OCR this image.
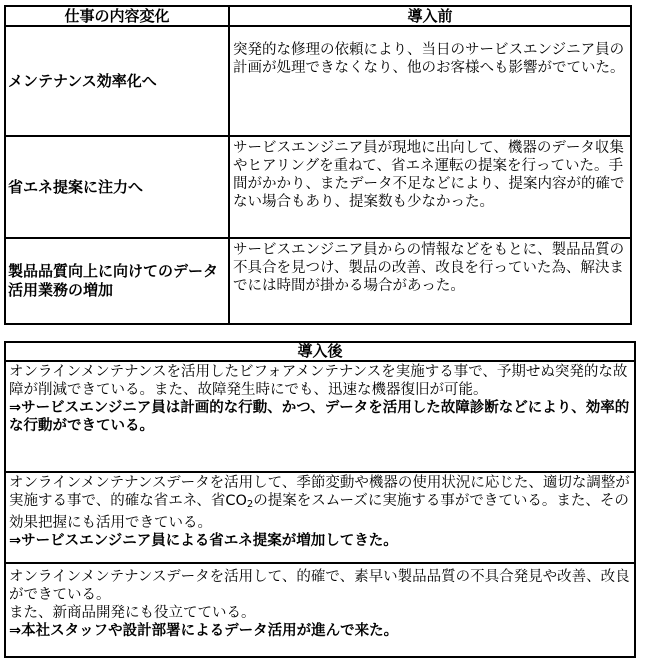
仕事の内容変化	導入前
メンテナンス効率化へ	突発的な修理の依頼により、当日のサービスエンジニア員の計画が処理できなくなり、他のお客様へも影響がでていた。
省エネ提案に注力へ	サービスエンジニア員が現地に出向して、機器のデータ収集やヒアリングを重ねて、省エネ運転の提案を行っていた。手間がかかり、またデータ不足などにより、提案内容が的確でない場合もあり、提案数も少なかった。
製品品質向上に向けてのデータ活用業務の増加	サービスエンジニア員からの情報などをもとに、製品品質の不具合を見つけ、製品の改善、改良を行っていた為、解決までには時間が掛かる場合があった。
導入後
オンラインメンテナンスを活用したビフォアメンテナンスを実施する事で、予期せぬ突発的な故障が削減できている。また、故障発生時にでも、迅速な機器復旧が可能。
⇒サービスエンジニア員は計画的な行動、かつ、データを活用した故障診断などにより、効率的な行動ができている。

オンラインメンテナンスデータを活用して、季節変動や機器の使用状況に応じた、適切な調整が実施する事で、的確な省エネ、省$CO_2$の提案をスムーズに実施する事ができている。また、その効果把握にも活用できている。
⇒サービスエンジニア員による省エネ提案が増加してきた。

オンラインメンテナンスデータを活用して、的確で、素早い製品品質の不具合発見や改善、改良ができている。
また、新商品開発にも役立てている。
⇒本社スタッフや設計部署によるデータ活用が進んで来た。
